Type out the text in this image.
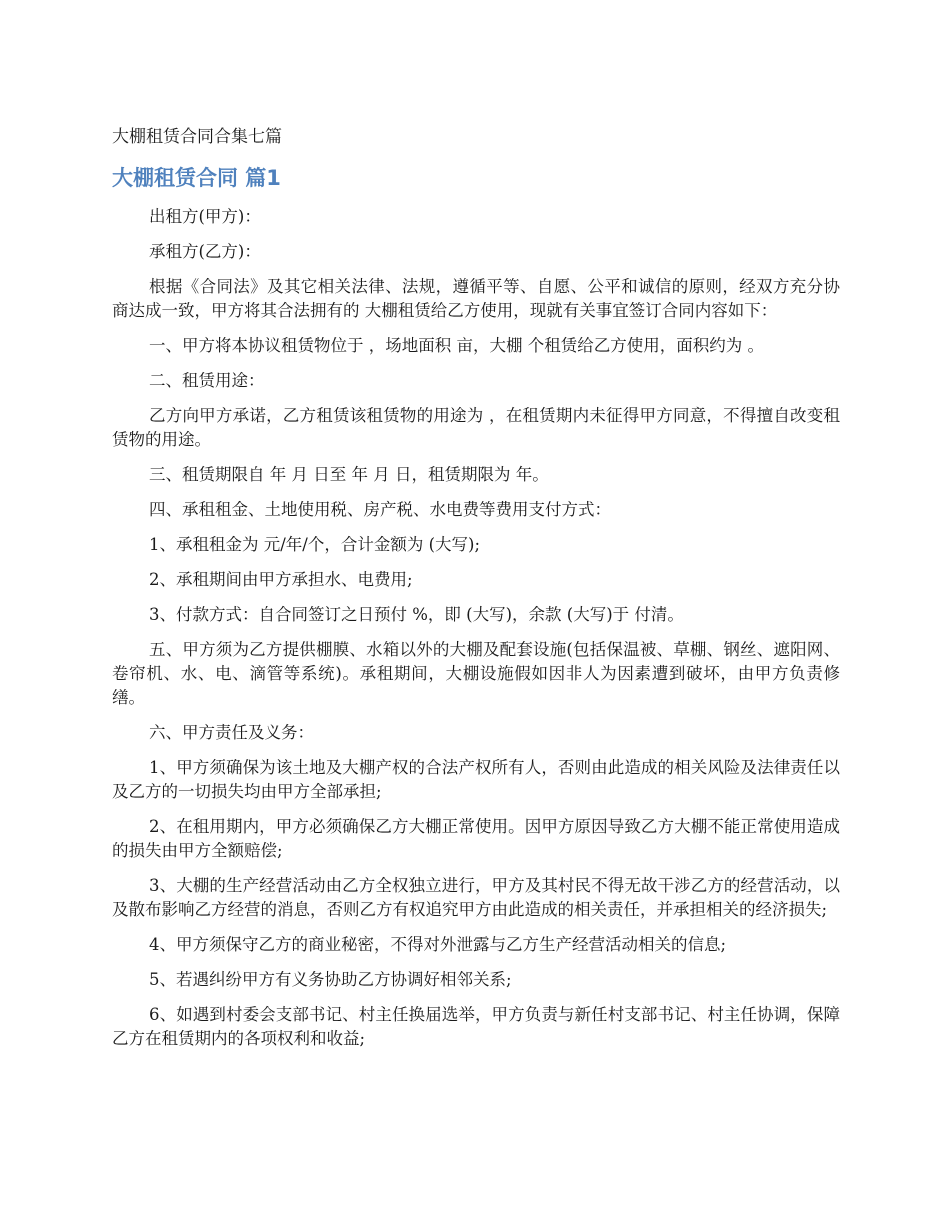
大棚租赁合同合集七篇
大棚租赁合同 篇1

出租方(甲方)：

承租方(乙方)：

根据《合同法》及其它相关法律、法规，遵循平等、自愿、公平和诚信的原则，经双方充分协商达成一致，甲方将其合法拥有的 大棚租赁给乙方使用，现就有关事宜签订合同内容如下：

一、甲方将本协议租赁物位于 ，场地面积 亩，大棚 个租赁给乙方使用，面积约为 。

二、租赁用途：

乙方向甲方承诺，乙方租赁该租赁物的用途为 ，在租赁期内未征得甲方同意，不得擅自改变租赁物的用途。

三、租赁期限自 年 月 日至 年 月 日，租赁期限为 年。

四、承租租金、土地使用税、房产税、水电费等费用支付方式：

1、承租租金为 元/年/个，合计金额为 (大写);

2、承租期间由甲方承担水、电费用;

3、付款方式：自合同签订之日预付 %，即 (大写)，余款 (大写)于 付清。

五、甲方须为乙方提供棚膜、水箱以外的大棚及配套设施(包括保温被、草棚、钢丝、遮阳网、卷帘机、水、电、滴管等系统)。承租期间，大棚设施假如因非人为因素遭到破坏，由甲方负责修缮。

六、甲方责任及义务：

1、甲方须确保为该土地及大棚产权的合法产权所有人，否则由此造成的相关风险及法律责任以及乙方的一切损失均由甲方全部承担;

2、在租用期内，甲方必须确保乙方大棚正常使用。因甲方原因导致乙方大棚不能正常使用造成的损失由甲方全额赔偿;

3、大棚的生产经营活动由乙方全权独立进行，甲方及其村民不得无故干涉乙方的经营活动，以及散布影响乙方经营的消息，否则乙方有权追究甲方由此造成的相关责任，并承担相关的经济损失;

4、甲方须保守乙方的商业秘密，不得对外泄露与乙方生产经营活动相关的信息;

5、若遇纠纷甲方有义务协助乙方协调好相邻关系;

6、如遇到村委会支部书记、村主任换届选举，甲方负责与新任村支部书记、村主任协调，保障乙方在租赁期内的各项权利和收益;
